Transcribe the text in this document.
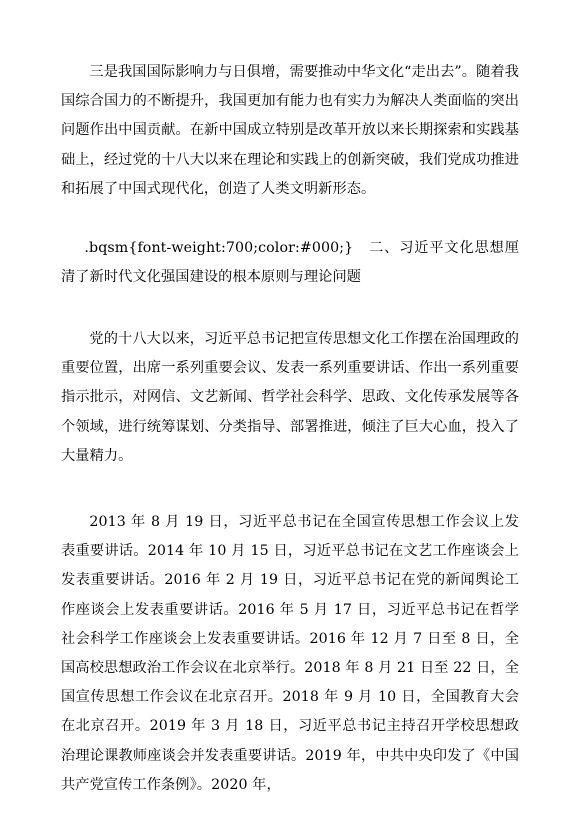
三是我国国际影响力与日俱增，需要推动中华文化“走出去”。随着我国综合国力的不断提升，我国更加有能力也有实力为解决人类面临的突出问题作出中国贡献。在新中国成立特别是改革开放以来长期探索和实践基础上，经过党的十八大以来在理论和实践上的创新突破，我们党成功推进和拓展了中国式现代化，创造了人类文明新形态。

.bqsm{font-weight:700;color:#000;}　二、习近平文化思想厘清了新时代文化强国建设的根本原则与理论问题

党的十八大以来，习近平总书记把宣传思想文化工作摆在治国理政的重要位置，出席一系列重要会议、发表一系列重要讲话、作出一系列重要指示批示，对网信、文艺新闻、哲学社会科学、思政、文化传承发展等各个领域，进行统筹谋划、分类指导、部署推进，倾注了巨大心血，投入了大量精力。

2013 年 8 月 19 日，习近平总书记在全国宣传思想工作会议上发表重要讲话。2014 年 10 月 15 日，习近平总书记在文艺工作座谈会上发表重要讲话。2016 年 2 月 19 日，习近平总书记在党的新闻舆论工作座谈会上发表重要讲话。2016 年 5 月 17 日，习近平总书记在哲学社会科学工作座谈会上发表重要讲话。2016 年 12 月 7 日至 8 日，全国高校思想政治工作会议在北京举行。2018 年 8 月 21 日至 22 日，全国宣传思想工作会议在北京召开。2018 年 9 月 10 日，全国教育大会在北京召开。2019 年 3 月 18 日，习近平总书记主持召开学校思想政治理论课教师座谈会并发表重要讲话。2019 年，中共中央印发了《中国共产党宣传工作条例》。2020 年，
